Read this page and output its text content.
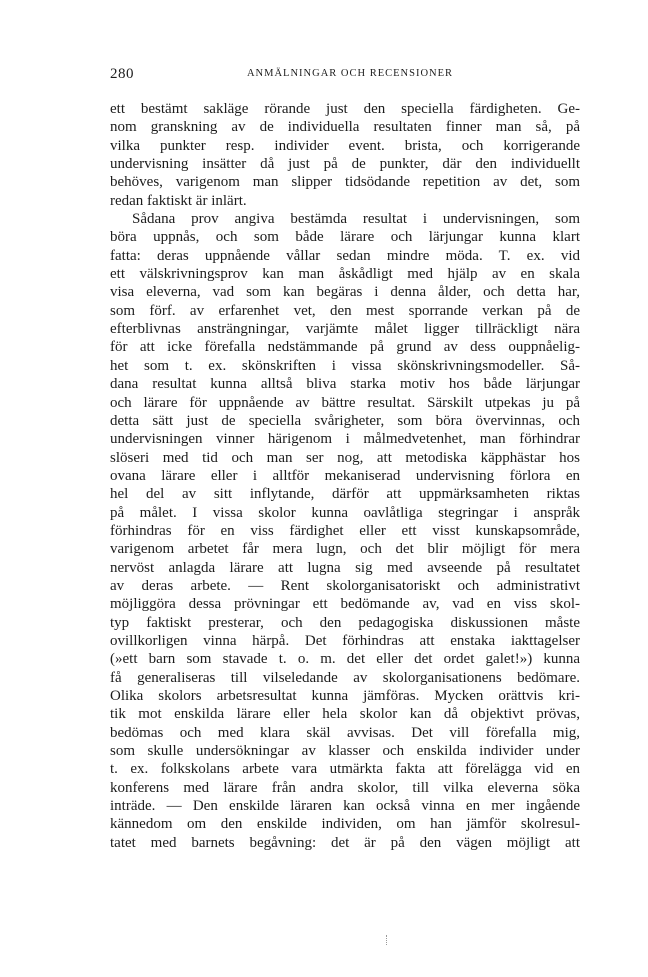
280	ANMÄLNINGAR OCH RECENSIONER
ett bestämt sakläge rörande just den speciella färdigheten. Ge-
nom granskning av de individuella resultaten finner man så, på
vilka punkter resp. individer event. brista, och korrigerande
undervisning insätter då just på de punkter, där den individuellt
behöves, varigenom man slipper tidsödande repetition av det, som
redan faktiskt är inlärt.
Sådana prov angiva bestämda resultat i undervisningen, som
böra uppnås, och som både lärare och lärjungar kunna klart
fatta: deras uppnående vållar sedan mindre möda. T. ex. vid
ett välskrivningsprov kan man åskådligt med hjälp av en skala
visa eleverna, vad som kan begäras i denna ålder, och detta har,
som förf. av erfarenhet vet, den mest sporrande verkan på de
efterblivnas ansträngningar, varjämte målet ligger tillräckligt nära
för att icke förefalla nedstämmande på grund av dess ouppnåelig-
het som t. ex. skönskriften i vissa skönskrivningsmodeller. Så-
dana resultat kunna alltså bliva starka motiv hos både lärjungar
och lärare för uppnående av bättre resultat. Särskilt utpekas ju på
detta sätt just de speciella svårigheter, som böra övervinnas, och
undervisningen vinner härigenom i målmedvetenhet, man förhindrar
slöseri med tid och man ser nog, att metodiska käpphästar hos
ovana lärare eller i alltför mekaniserad undervisning förlora en
hel del av sitt inflytande, därför att uppmärksamheten riktas
på målet. I vissa skolor kunna oavlåtliga stegringar i anspråk
förhindras för en viss färdighet eller ett visst kunskapsområde,
varigenom arbetet får mera lugn, och det blir möjligt för mera
nervöst anlagda lärare att lugna sig med avseende på resultatet
av deras arbete. — Rent skolorganisatoriskt och administrativt
möjliggöra dessa prövningar ett bedömande av, vad en viss skol-
typ faktiskt presterar, och den pedagogiska diskussionen måste
ovillkorligen vinna härpå. Det förhindras att enstaka iakttagelser
(»ett barn som stavade t. o. m. det eller det ordet galet!») kunna
få generaliseras till vilseledande av skolorganisationens bedömare.
Olika skolors arbetsresultat kunna jämföras. Mycken orättvis kri-
tik mot enskilda lärare eller hela skolor kan då objektivt prövas,
bedömas och med klara skäl avvisas. Det vill förefalla mig,
som skulle undersökningar av klasser och enskilda individer under
t. ex. folkskolans arbete vara utmärkta fakta att förelägga vid en
konferens med lärare från andra skolor, till vilka eleverna söka
inträde. — Den enskilde läraren kan också vinna en mer ingående
kännedom om den enskilde individen, om han jämför skolresul-
tatet med barnets begåvning: det är på den vägen möjligt att
